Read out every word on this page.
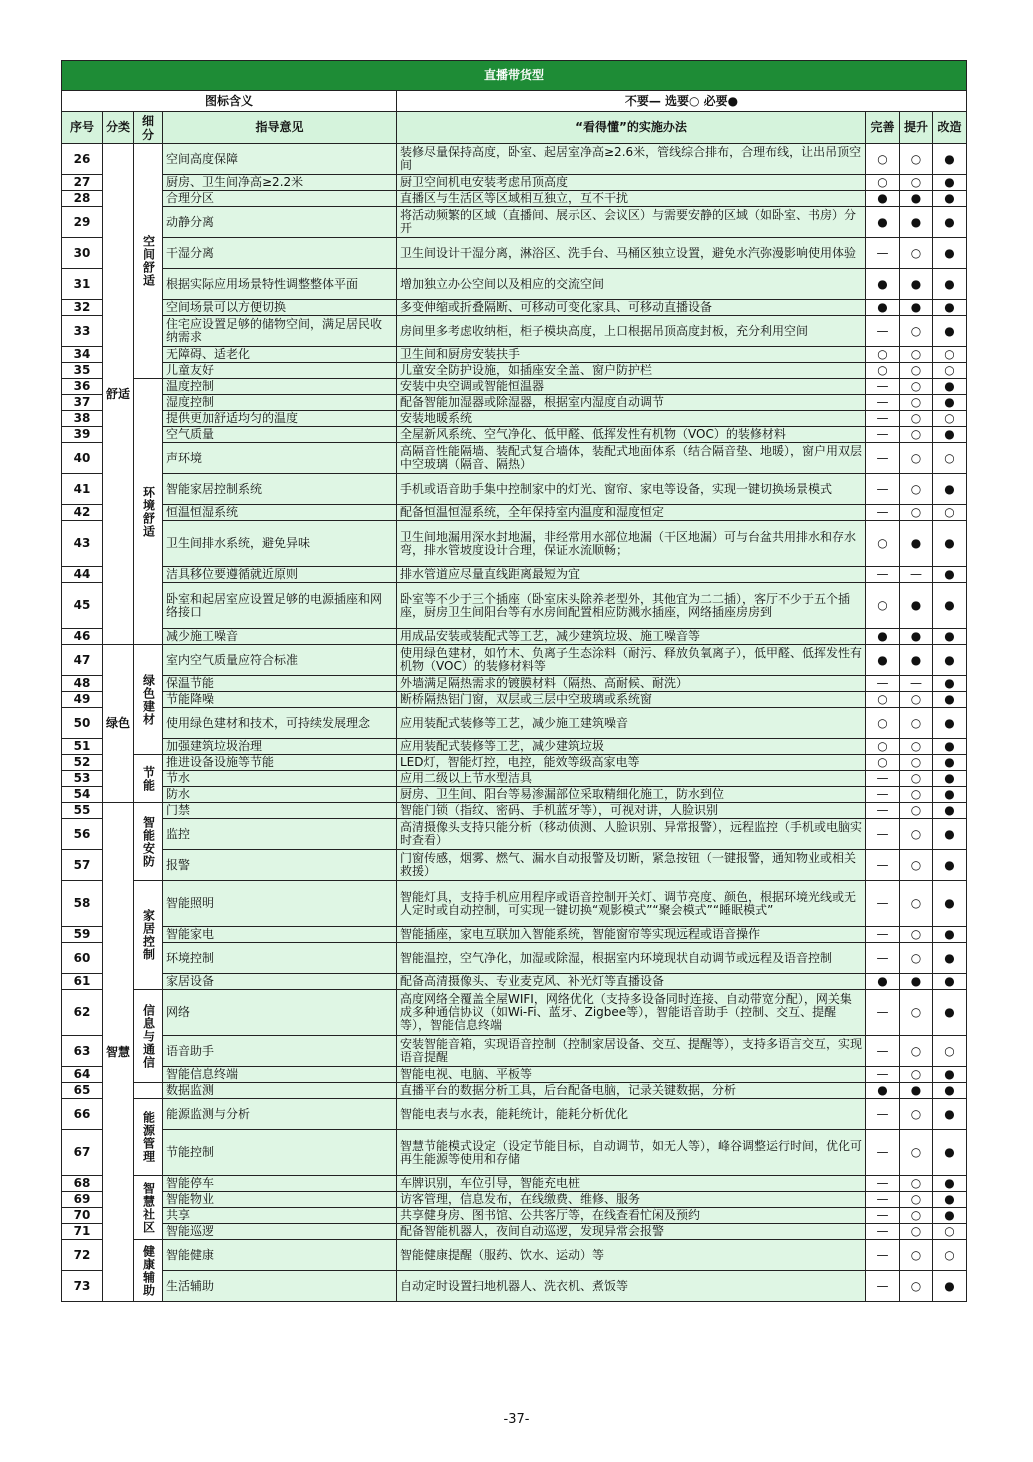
直播带货型							
图标含义				不要— 选要○ 必要●			
序号	分类	细分	指导意见	“看得懂”的实施办法	完善	提升	改造
26	舒适	空间舒适	空间高度保障	装修尽量保持高度，卧室、起居室净高≥2.6米，管线综合排布，合理布线，让出吊顶空间	○	○	●
27			厨房、卫生间净高≥2.2米	厨卫空间机电安装考虑吊顶高度	○	○	●
28			合理分区	直播区与生活区等区域相互独立，互不干扰	●	●	●
29			动静分离	将活动频繁的区域（直播间、展示区、会议区）与需要安静的区域（如卧室、书房）分开	●	●	●
30			干湿分离	卫生间设计干湿分离，淋浴区、洗手台、马桶区独立设置，避免水汽弥漫影响使用体验	—	○	●
31			根据实际应用场景特性调整整体平面	增加独立办公空间以及相应的交流空间	●	●	●
32			空间场景可以方便切换	多变伸缩或折叠隔断、可移动可变化家具、可移动直播设备	●	●	●
33			住宅应设置足够的储物空间，满足居民收纳需求	房间里多考虑收纳柜，柜子模块高度，上口根据吊顶高度封板，充分利用空间	—	○	●
34			无障碍、适老化	卫生间和厨房安装扶手	○	○	○
35			儿童友好	儿童安全防护设施，如插座安全盖、窗户防护栏	○	○	○
36		环境舒适	温度控制	安装中央空调或智能恒温器	—	○	●
37			湿度控制	配备智能加湿器或除湿器，根据室内湿度自动调节	—	○	●
38			提供更加舒适均匀的温度	安装地暖系统	—	○	○
39			空气质量	全屋新风系统、空气净化、低甲醛、低挥发性有机物（VOC）的装修材料	—	○	●
40			声环境	高隔音性能隔墙、装配式复合墙体，装配式地面体系（结合隔音垫、地暖），窗户用双层中空玻璃（隔音、隔热）	—	○	○
41			智能家居控制系统	手机或语音助手集中控制家中的灯光、窗帘、家电等设备，实现一键切换场景模式	—	○	●
42			恒温恒湿系统	配备恒温恒湿系统，全年保持室内温度和湿度恒定	—	○	○
43			卫生间排水系统，避免异味	卫生间地漏用深水封地漏，非经常用水部位地漏（干区地漏）可与台盆共用排水和存水弯，排水管坡度设计合理，保证水流顺畅；	○	●	●
44			洁具移位要遵循就近原则	排水管道应尽量直线距离最短为宜	—	—	●
45			卧室和起居室应设置足够的电源插座和网络接口	卧室等不少于三个插座（卧室床头除养老型外，其他宜为二二插），客厅不少于五个插座，厨房卫生间阳台等有水房间配置相应防溅水插座，网络插座房房到	○	●	●
46			减少施工噪音	用成品安装或装配式等工艺，减少建筑垃圾、施工噪音等	●	●	●
47	绿色	绿色建材	室内空气质量应符合标准	使用绿色建材，如竹木、负离子生态涂料（耐污、释放负氧离子），低甲醛、低挥发性有机物（VOC）的装修材料等	●	●	●
48			保温节能	外墙满足隔热需求的镀膜材料（隔热、高耐候、耐洗）	—	—	●
49			节能降噪	断桥隔热铝门窗，双层或三层中空玻璃或系统窗	○	○	●
50			使用绿色建材和技术，可持续发展理念	应用装配式装修等工艺，减少施工建筑噪音	○	○	●
51			加强建筑垃圾治理	应用装配式装修等工艺，减少建筑垃圾	○	○	●
52		节能	推进设备设施等节能	LED灯，智能灯控，电控，能效等级高家电等	○	○	●
53			节水	应用二级以上节水型洁具	—	○	●
54			防水	厨房、卫生间、阳台等易渗漏部位采取精细化施工，防水到位	—	○	●
55	智慧	智能安防	门禁	智能门锁（指纹、密码、手机蓝牙等），可视对讲，人脸识别	—	○	●
56			监控	高清摄像头支持只能分析（移动侦测、人脸识别、异常报警），远程监控（手机或电脑实时查看）	—	○	●
57			报警	门窗传感，烟雾、燃气、漏水自动报警及切断，紧急按钮（一键报警，通知物业或相关救援）	—	○	●
58		家居控制	智能照明	智能灯具，支持手机应用程序或语音控制开关灯、调节亮度、颜色，根据环境光线或无人定时或自动控制，可实现一键切换“观影模式”“聚会模式”“睡眠模式”	—	○	●
59			智能家电	智能插座，家电互联加入智能系统，智能窗帘等实现远程或语音操作	—	○	●
60			环境控制	智能温控，空气净化，加湿或除湿，根据室内环境现状自动调节或远程及语音控制	—	○	●
61			家居设备	配备高清摄像头、专业麦克风、补光灯等直播设备	●	●	●
62		信息与通信	网络	高度网络全覆盖全屋WIFI，网络优化（支持多设备同时连接、自动带宽分配），网关集成多种通信协议（如Wi-Fi、蓝牙、Zigbee等），智能语音助手（控制、交互、提醒等），智能信息终端	—	○	●
63			语音助手	安装智能音箱，实现语音控制（控制家居设备、交互、提醒等），支持多语言交互，实现语音提醒	—	○	○
64			智能信息终端	智能电视、电脑、平板等	—	○	●
65			数据监测	直播平台的数据分析工具，后台配备电脑，记录关键数据，分析	●	●	●
66		能源管理	能源监测与分析	智能电表与水表，能耗统计，能耗分析优化	—	○	●
67			节能控制	智慧节能模式设定（设定节能目标，自动调节，如无人等），峰谷调整运行时间，优化可再生能源等使用和存储	—	○	●
68		智慧社区	智能停车	车牌识别，车位引导，智能充电桩	—	○	●
69			智能物业	访客管理，信息发布，在线缴费、维修、服务	—	○	●
70			共享	共享健身房、图书馆、公共客厅等，在线查看忙闲及预约	—	○	●
71			智能巡逻	配备智能机器人，夜间自动巡逻，发现异常会报警	—	○	○
72		健康辅助	智能健康	智能健康提醒（服药、饮水、运动）等	—	○	○
73			生活辅助	自动定时设置扫地机器人、洗衣机、煮饭等	—	○	●
-37-
